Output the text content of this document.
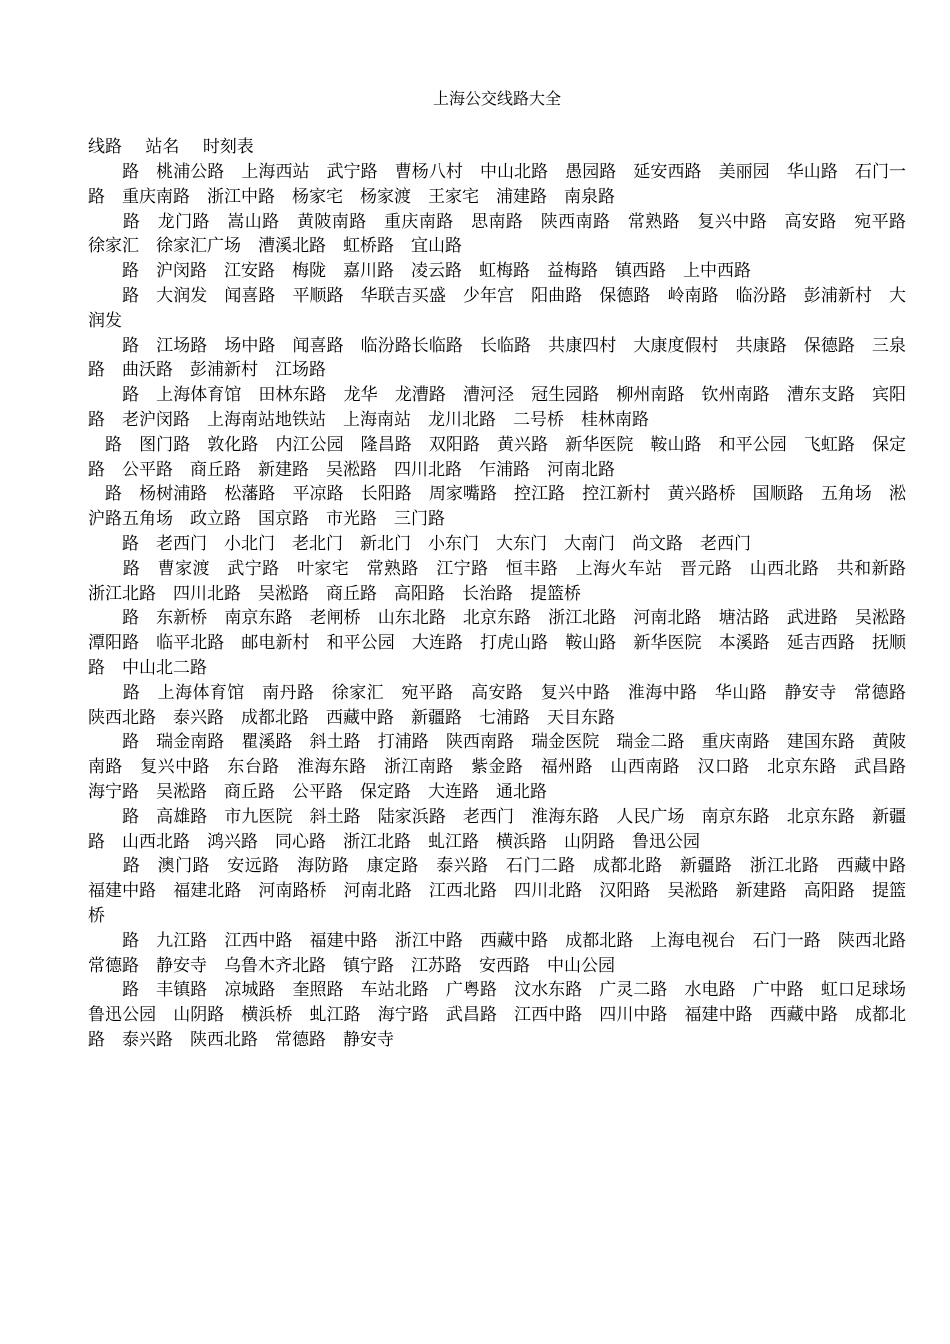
上海公交线路大全
线路 站名 时刻表

　　路　桃浦公路　上海西站　武宁路　曹杨八村　中山北路　愚园路　延安西路　美丽园　华山路　石门一路　重庆南路　浙江中路　杨家宅　杨家渡　王家宅　浦建路　南泉路

　　路　龙门路　嵩山路　黄陂南路　重庆南路　思南路　陕西南路　常熟路　复兴中路　高安路　宛平路　徐家汇　徐家汇广场　漕溪北路　虹桥路　宜山路

　　路　沪闵路　江安路　梅陇　嘉川路　凌云路　虹梅路　益梅路　镇西路　上中西路

　　路　大润发　闻喜路　平顺路　华联吉买盛　少年宫　阳曲路　保德路　岭南路　临汾路　彭浦新村　大润发

　　路　江场路　场中路　闻喜路　临汾路长临路　长临路　共康四村　大康度假村　共康路　保德路　三泉路　曲沃路　彭浦新村　江场路

　　路　上海体育馆　田林东路　龙华　龙漕路　漕河泾　冠生园路　柳州南路　钦州南路　漕东支路　宾阳路　老沪闵路　上海南站地铁站　上海南站　龙川北路　二号桥　桂林南路

　路　图门路　敦化路　内江公园　隆昌路　双阳路　黄兴路　新华医院　鞍山路　和平公园　飞虹路　保定路　公平路　商丘路　新建路　吴淞路　四川北路　乍浦路　河南北路

　路　杨树浦路　松藩路　平凉路　长阳路　周家嘴路　控江路　控江新村　黄兴路桥　国顺路　五角场　淞沪路五角场　政立路　国京路　市光路　三门路

　　路　老西门　小北门　老北门　新北门　小东门　大东门　大南门　尚文路　老西门

　　路　曹家渡　武宁路　叶家宅　常熟路　江宁路　恒丰路　上海火车站　晋元路　山西北路　共和新路　浙江北路　四川北路　吴淞路　商丘路　高阳路　长治路　提篮桥

　　路　东新桥　南京东路　老闸桥　山东北路　北京东路　浙江北路　河南北路　塘沽路　武进路　吴淞路　潭阳路　临平北路　邮电新村　和平公园　大连路　打虎山路　鞍山路　新华医院　本溪路　延吉西路　抚顺路　中山北二路

　　路　上海体育馆　南丹路　徐家汇　宛平路　高安路　复兴中路　淮海中路　华山路　静安寺　常德路　陕西北路　泰兴路　成都北路　西藏中路　新疆路　七浦路　天目东路

　　路　瑞金南路　瞿溪路　斜土路　打浦路　陕西南路　瑞金医院　瑞金二路　重庆南路　建国东路　黄陂南路　复兴中路　东台路　淮海东路　浙江南路　紫金路　福州路　山西南路　汉口路　北京东路　武昌路　海宁路　吴淞路　商丘路　公平路　保定路　大连路　通北路

　　路　高雄路　市九医院　斜土路　陆家浜路　老西门　淮海东路　人民广场　南京东路　北京东路　新疆路　山西北路　鸿兴路　同心路　浙江北路　虬江路　横浜路　山阴路　鲁迅公园

　　路　澳门路　安远路　海防路　康定路　泰兴路　石门二路　成都北路　新疆路　浙江北路　西藏中路　福建中路　福建北路　河南路桥　河南北路　江西北路　四川北路　汉阳路　吴淞路　新建路　高阳路　提篮桥

　　路　九江路　江西中路　福建中路　浙江中路　西藏中路　成都北路　上海电视台　石门一路　陕西北路　常德路　静安寺　乌鲁木齐北路　镇宁路　江苏路　安西路　中山公园

　　路　丰镇路　凉城路　奎照路　车站北路　广粤路　汶水东路　广灵二路　水电路　广中路　虹口足球场　鲁迅公园　山阴路　横浜桥　虬江路　海宁路　武昌路　江西中路　四川中路　福建中路　西藏中路　成都北路　泰兴路　陕西北路　常德路　静安寺
